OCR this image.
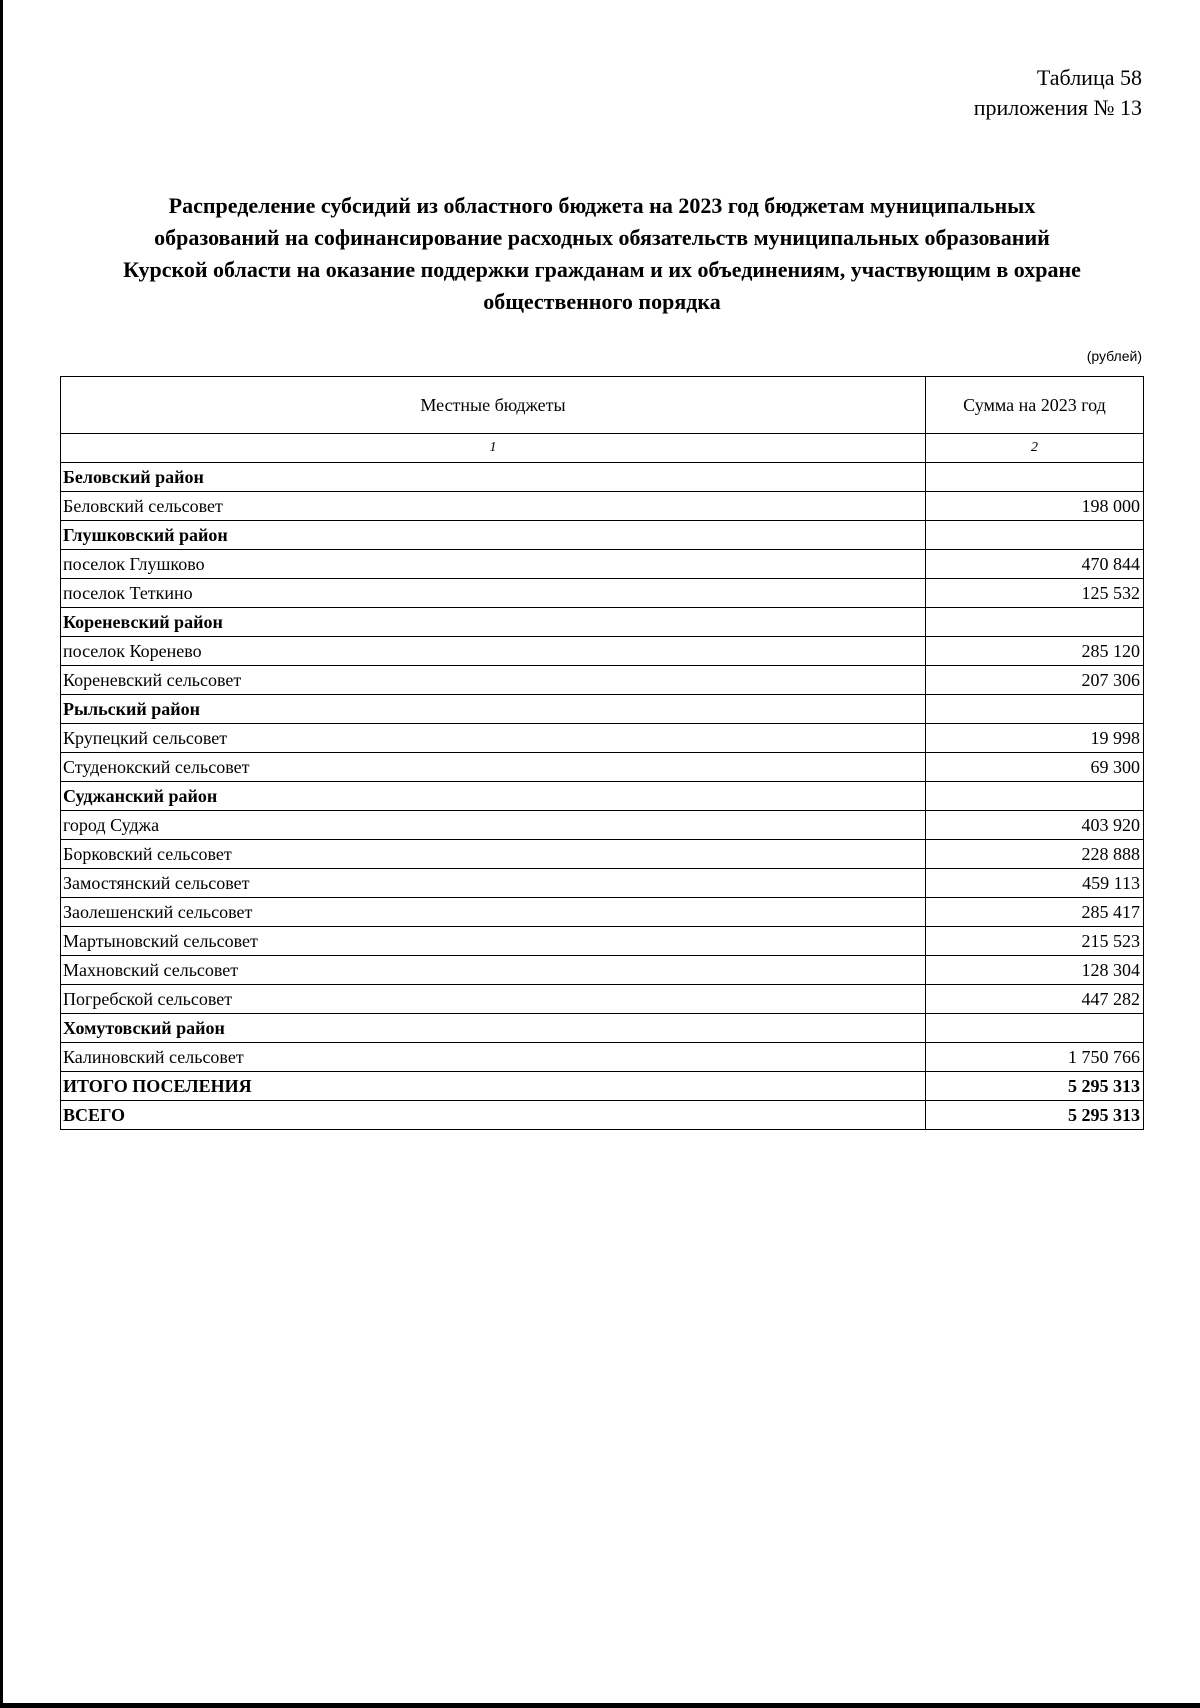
Таблица 58
приложения № 13
Распределение субсидий из областного бюджета на 2023 год бюджетам муниципальных
образований на софинансирование расходных обязательств муниципальных образований
Курской области на оказание поддержки гражданам и их объединениям, участвующим в охране
общественного порядка
(рублей)
Местные бюджеты	Сумма на 2023 год
1	2
Беловский район	
Беловский сельсовет	198 000
Глушковский район	
поселок Глушково	470 844
поселок Теткино	125 532
Кореневский район	
поселок Коренево	285 120
Кореневский сельсовет	207 306
Рыльский район	
Крупецкий сельсовет	19 998
Студенокский сельсовет	69 300
Суджанский район	
город Суджа	403 920
Борковский сельсовет	228 888
Замостянский сельсовет	459 113
Заолешенский сельсовет	285 417
Мартыновский сельсовет	215 523
Махновский сельсовет	128 304
Погребской сельсовет	447 282
Хомутовский район	
Калиновский сельсовет	1 750 766
ИТОГО ПОСЕЛЕНИЯ	5 295 313
ВСЕГО	5 295 313
